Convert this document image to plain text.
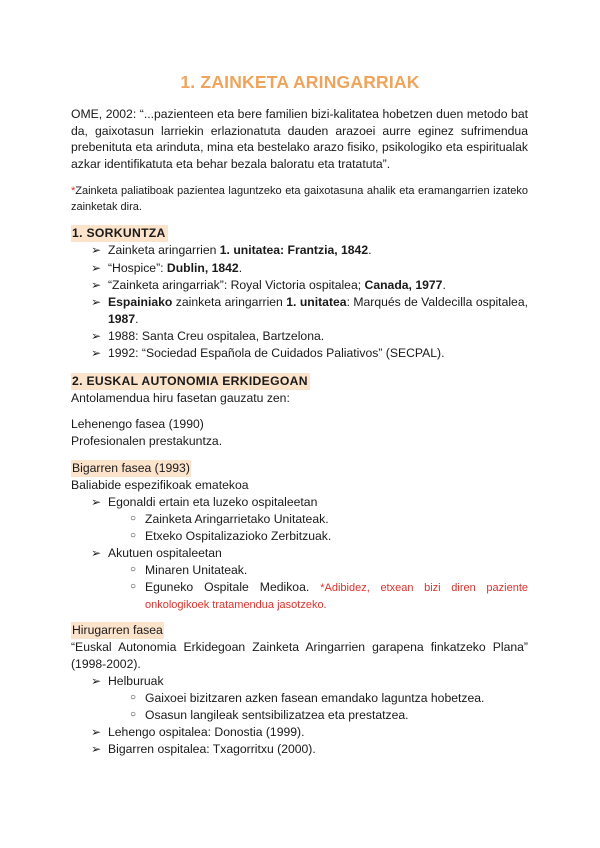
1. ZAINKETA ARINGARRIAK
OME, 2002: “...pazienteen eta bere familien bizi-kalitatea hobetzen duen metodo bat da, gaixotasun larriekin erlazionatuta dauden arazoei aurre eginez sufrimendua prebenituta eta arinduta, mina eta bestelako arazo fisiko, psikologiko eta espiritualak azkar identifikatuta eta behar bezala baloratu eta tratatuta”.
*Zainketa paliatiboak pazientea laguntzeko eta gaixotasuna ahalik eta eramangarrien izateko zainketak dira.
1. SORKUNTZA
➢ Zainketa aringarrien 1. unitatea: Frantzia, 1842.
➢ “Hospice”: Dublin, 1842.
➢ “Zainketa aringarriak”: Royal Victoria ospitalea; Canada, 1977.
➢ Espainiako zainketa aringarrien 1. unitatea: Marqués de Valdecilla ospitalea, 1987.
➢ 1988: Santa Creu ospitalea, Bartzelona.
➢ 1992: “Sociedad Española de Cuidados Paliativos” (SECPAL).
2. EUSKAL AUTONOMIA ERKIDEGOAN
Antolamendua hiru fasetan gauzatu zen:
Lehenengo fasea (1990)
Profesionalen prestakuntza.
Bigarren fasea (1993)
Baliabide espezifikoak ematekoa
➢ Egonaldi ertain eta luzeko ospitaleetan
○ Zainketa Aringarrietako Unitateak.
○ Etxeko Ospitalizazioko Zerbitzuak.
➢ Akutuen ospitaleetan
○ Minaren Unitateak.
○ Eguneko Ospitale Medikoa. *Adibidez, etxean bizi diren paziente onkologikoek tratamendua jasotzeko.
Hirugarren fasea
“Euskal Autonomia Erkidegoan Zainketa Aringarrien garapena finkatzeko Plana” (1998-2002).
➢ Helburuak
○ Gaixoei bizitzaren azken fasean emandako laguntza hobetzea.
○ Osasun langileak sentsibilizatzea eta prestatzea.
➢ Lehengo ospitalea: Donostia (1999).
➢ Bigarren ospitalea: Txagorritxu (2000).
